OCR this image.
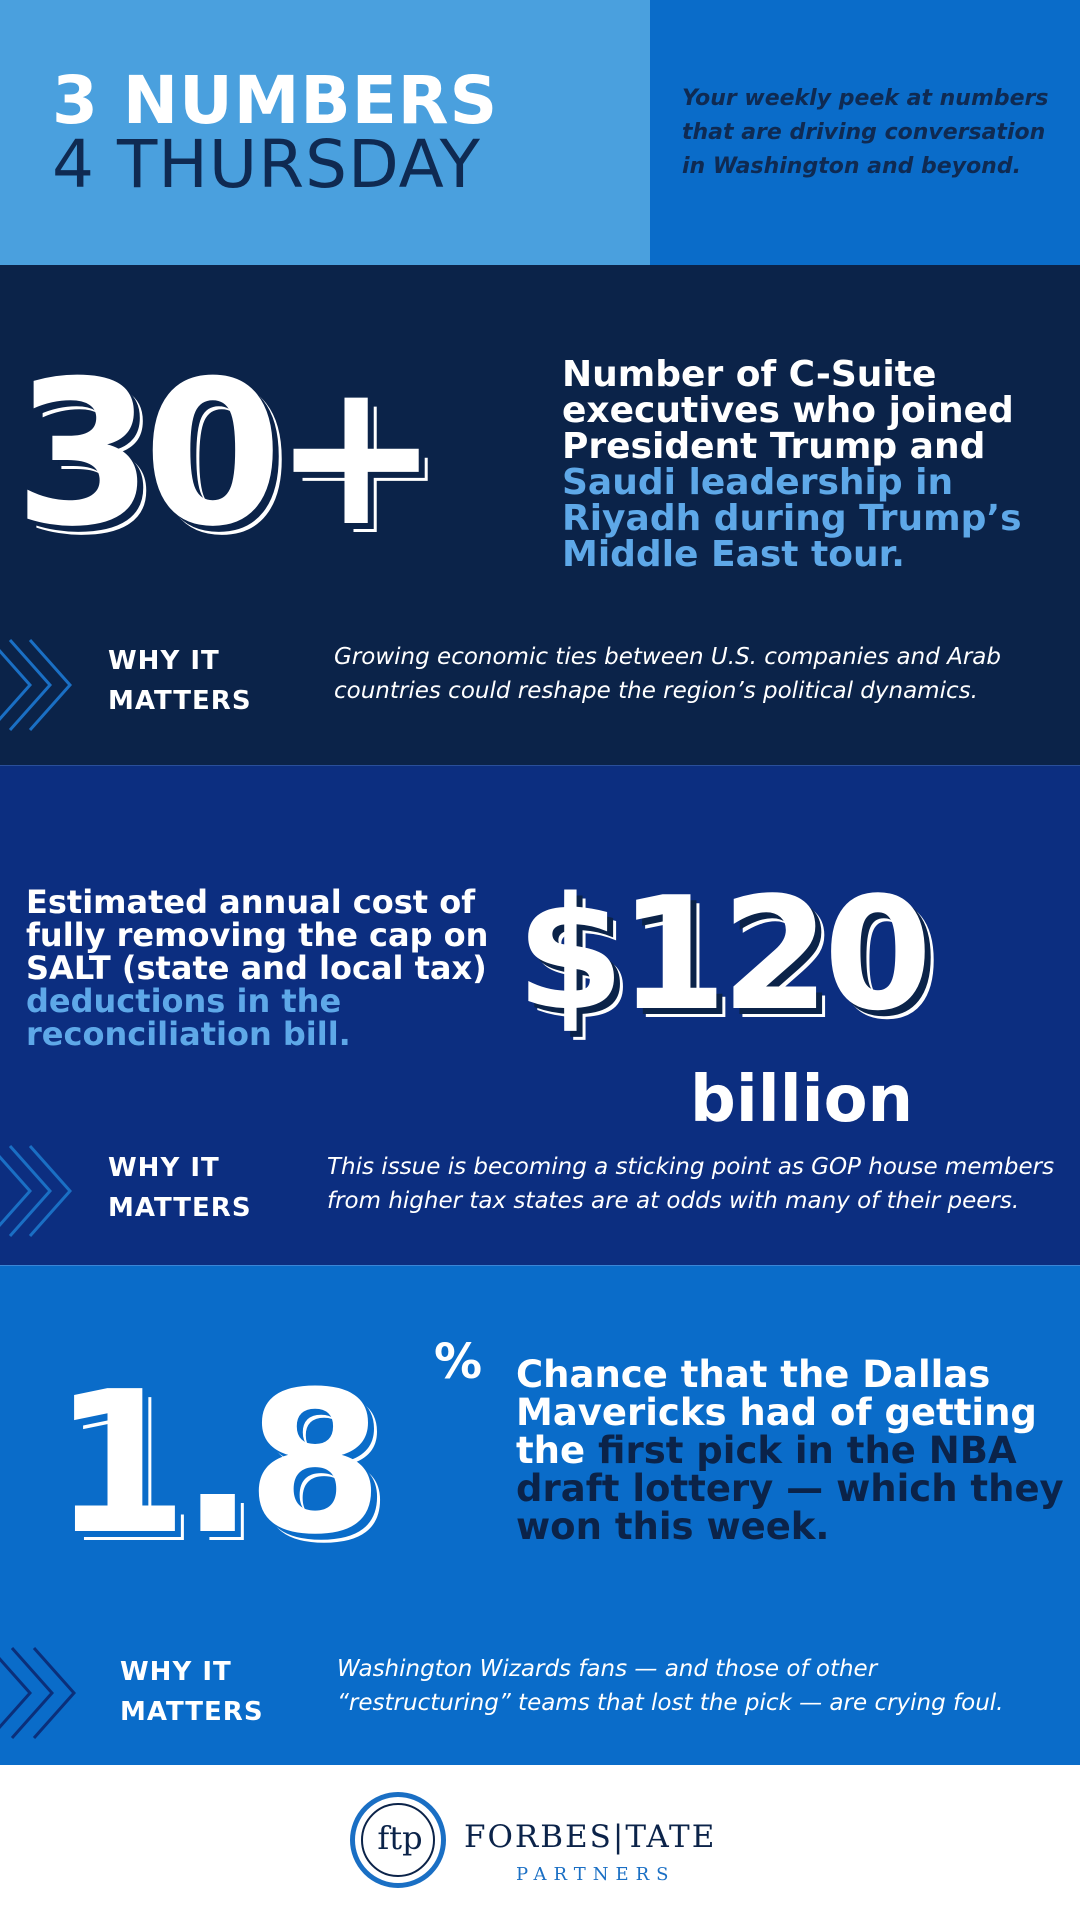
3 NUMBERS
4 THURSDAY
Your weekly peek at numbers that are driving conversation in Washington and beyond.
30+	Number of C-Suite executives who joined President Trump and Saudi leadership in Riyadh during Trump’s Middle East tour.
WHY IT
MATTERS
Growing economic ties between U.S. companies and Arab countries could reshape the region’s political dynamics.
Estimated annual cost of fully removing the cap on SALT (state and local tax) deductions in the reconciliation bill.	$120
billion
WHY IT
MATTERS
This issue is becoming a sticking point as GOP house members from higher tax states are at odds with many of their peers.
1.8 % Chance that the Dallas Mavericks had of getting the first pick in the NBA draft lottery — which they won this week.
WHY IT
MATTERS
Washington Wizards fans — and those of other “restructuring” teams that lost the pick — are crying foul.
ftp	FORBES|TATE
PARTNERS
